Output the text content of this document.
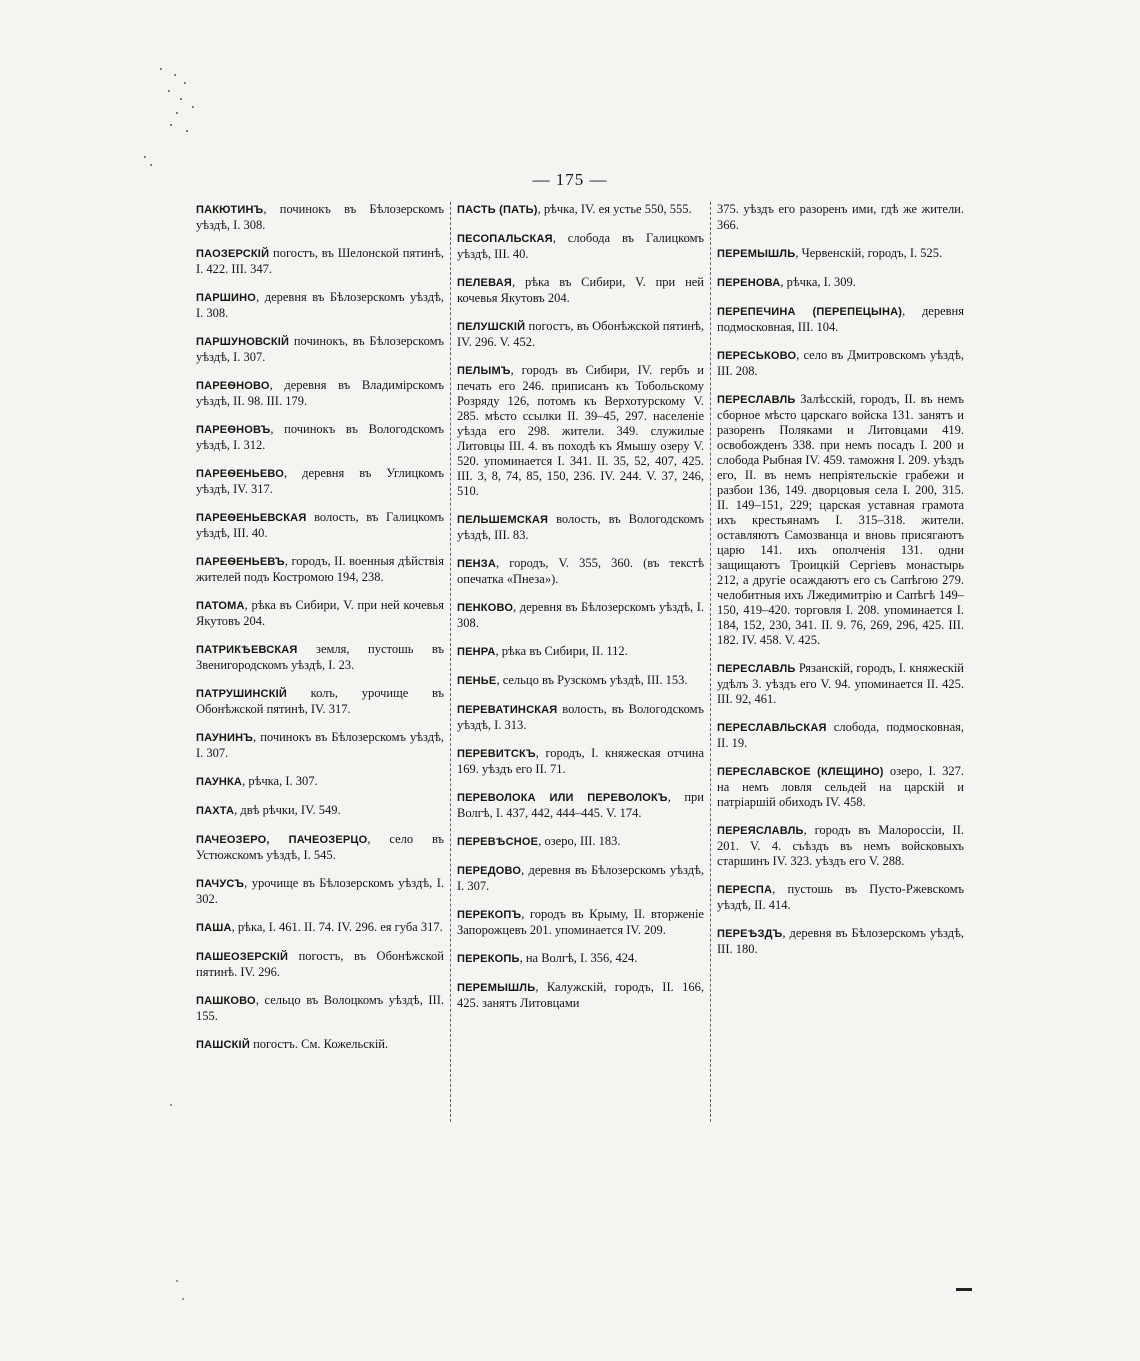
— 175 —
ПАКЮТИНЪ, починокъ въ Бѣлозерскомъ уѣздѣ, I. 308.
ПАОЗЕРСКІЙ погостъ, въ Шелонской пятинѣ, I. 422. III. 347.
ПАРШИНО, деревня въ Бѣлозерскомъ уѣздѣ, I. 308.
ПАРШУНОВСКІЙ починокъ, въ Бѣлозерскомъ уѣздѣ, I. 307.
ПАРЕѲНОВО, деревня въ Владимірскомъ уѣздѣ, II. 98. III. 179.
ПАРЕѲНОВЪ, починокъ въ Вологодскомъ уѣздѣ, I. 312.
ПАРЕѲЕНЬЕВО, деревня въ Углицкомъ уѣздѣ, IV. 317.
ПАРЕѲЕНЬЕВСКАЯ волость, въ Галицкомъ уѣздѣ, III. 40.
ПАРЕѲЕНЬЕВЪ, городъ, II. военныя дѣйствія жителей подъ Костромою 194, 238.
ПАТОМА, рѣка въ Сибири, V. при ней кочевья Якутовъ 204.
ПАТРИКѢЕВСКАЯ земля, пустошь въ Звенигородскомъ уѣздѣ, I. 23.
ПАТРУШИНСКІЙ колъ, урочище въ Обонѣжской пятинѣ, IV. 317.
ПАУНИНЪ, починокъ въ Бѣлозерскомъ уѣздѣ, I. 307.
ПАУНКА, рѣчка, I. 307.
ПАХТА, двѣ рѣчки, IV. 549.
ПАЧЕОЗЕРО, ПАЧЕОЗЕРЦО, село въ Устюжскомъ уѣздѣ, I. 545.
ПАЧУСЪ, урочище въ Бѣлозерскомъ уѣздѣ, I. 302.
ПАША, рѣка, I. 461. II. 74. IV. 296. ея губа 317.
ПАШЕОЗЕРСКІЙ погостъ, въ Обонѣжской пятинѣ. IV. 296.
ПАШКОВО, сельцо въ Волоцкомъ уѣздѣ, III. 155.
ПАШСКІЙ погостъ. См. Кожельскій.
ПАСТЬ (ПАТЬ), рѣчка, IV. ея устье 550, 555.
ПЕСОПАЛЬСКАЯ, слобода въ Галицкомъ уѣздѣ, III. 40.
ПЕЛЕВАЯ, рѣка въ Сибири, V. при ней кочевья Якутовъ 204.
ПЕЛУШСКІЙ погостъ, въ Обонѣжской пятинѣ, IV. 296. V. 452.
ПЕЛЫМЪ, городъ въ Сибири, IV. гербъ и печать его 246. приписанъ къ Тобольскому Розряду 126, потомъ къ Верхотурскому V. 285. мѣсто ссылки II. 39–45, 297. населеніе уѣзда его 298. жители. 349. служилые Литовцы III. 4. въ походѣ къ Ямышу озеру V. 520. упоминается I. 341. II. 35, 52, 407, 425. III. 3, 8, 74, 85, 150, 236. IV. 244. V. 37, 246, 510.
ПЕЛЬШЕМСКАЯ волость, въ Вологодскомъ уѣздѣ, III. 83.
ПЕНЗА, городъ, V. 355, 360. (въ текстѣ опечатка «Пнеза»).
ПЕНКОВО, деревня въ Бѣлозерскомъ уѣздѣ, I. 308.
ПЕНРА, рѣка въ Сибири, II. 112.
ПЕНЬЕ, сельцо въ Рузскомъ уѣздѣ, III. 153.
ПЕРЕВАТИНСКАЯ волость, въ Вологодскомъ уѣздѣ, I. 313.
ПЕРЕВИТСКЪ, городъ, I. княжеская отчина 169. уѣздъ его II. 71.
ПЕРЕВОЛОКА ИЛИ ПЕРЕВОЛОКЪ, при Волгѣ, I. 437, 442, 444–445. V. 174.
ПЕРЕВѢСНОЕ, озеро, III. 183.
ПЕРЕДОВО, деревня въ Бѣлозерскомъ уѣздѣ, I. 307.
ПЕРЕКОПЪ, городъ въ Крыму, II. вторженіе Запорожцевъ 201. упоминается IV. 209.
ПЕРЕКОПЬ, на Волгѣ, I. 356, 424.
ПЕРЕМЫШЛЬ, Калужскій, городъ, II. 166, 425. занятъ Литовцами
375. уѣздъ его разоренъ ими, гдѣ же жители. 366.
ПЕРЕМЫШЛЬ, Червенскій, городъ, I. 525.
ПЕРЕНОВА, рѣчка, I. 309.
ПЕРЕПЕЧИНА (ПЕРЕПЕЦЫНА), деревня подмосковная, III. 104.
ПЕРЕСЬКОВО, село въ Дмитровскомъ уѣздѣ, III. 208.
ПЕРЕСЛАВЛЬ Залѣсскій, городъ, II. въ немъ сборное мѣсто царскаго войска 131. занятъ и разоренъ Поляками и Литовцами 419. освобожденъ 338. при немъ посадъ I. 200 и слобода Рыбная IV. 459. таможня I. 209. уѣздъ его, II. въ немъ непріятельскіе грабежи и разбои 136, 149. дворцовыя села I. 200, 315. II. 149–151, 229; царская уставная грамота ихъ крестьянамъ I. 315–318. жители. оставляютъ Самозванца и вновь присягаютъ царю 141. ихъ ополченія 131. одни защищаютъ Троицкій Сергіевъ монастырь 212, а другіе осаждаютъ его съ Сапѣгою 279. челобитныя ихъ Лжедимитрію и Сапѣгѣ 149–150, 419–420. торговля I. 208. упоминается I. 184, 152, 230, 341. II. 9. 76, 269, 296, 425. III. 182. IV. 458. V. 425.
ПЕРЕСЛАВЛЬ Рязанскій, городъ, I. княжескій удѣлъ 3. уѣздъ его V. 94. упоминается II. 425. III. 92, 461.
ПЕРЕСЛАВЛЬСКАЯ слобода, подмосковная, II. 19.
ПЕРЕСЛАВСКОЕ (КЛЕЩИНО) озеро, I. 327. на немъ ловля сельдей на царскій и патріаршій обиходъ IV. 458.
ПЕРЕЯСЛАВЛЬ, городъ въ Малороссіи, II. 201. V. 4. съѣздъ въ немъ войсковыхъ старшинъ IV. 323. уѣздъ его V. 288.
ПЕРЕСПА, пустошь въ Пусто-Ржевскомъ уѣздѣ, II. 414.
ПЕРЕѢЗДЪ, деревня въ Бѣлозерскомъ уѣздѣ, III. 180.
